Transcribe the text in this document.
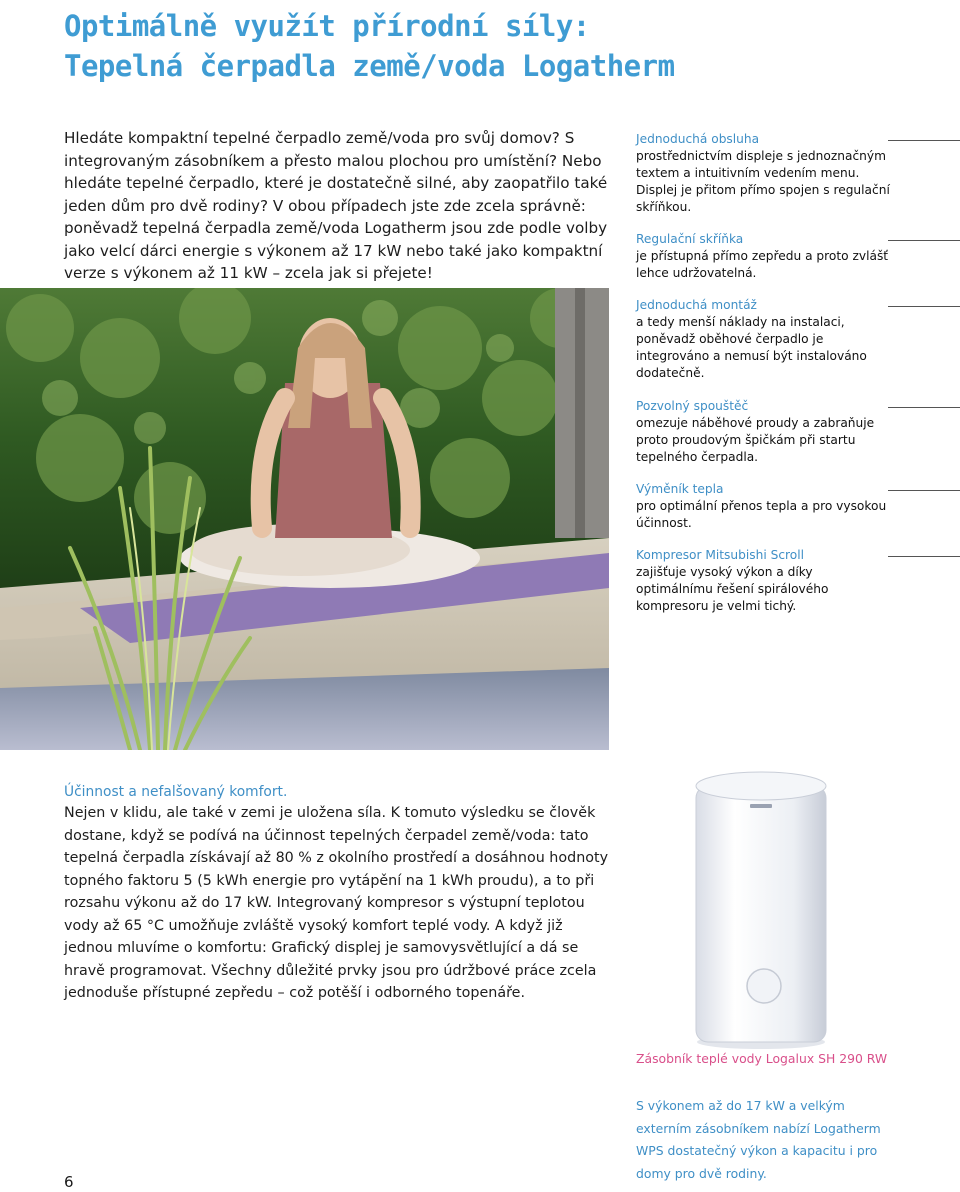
Optimálně využít přírodní síly:
Tepelná čerpadla země/voda Logatherm

Hledáte kompaktní tepelné čerpadlo země/voda pro svůj domov? S integrovaným zásobníkem a přesto malou plochou pro umístění? Nebo hledáte tepelné čerpadlo, které je dostatečně silné, aby zaopatřilo také jeden dům pro dvě rodiny? V obou případech jste zde zcela správně: poněvadž tepelná čerpadla země/voda Logatherm jsou zde podle volby jako velcí dárci energie s výkonem až 17 kW nebo také jako kompaktní verze s výkonem až 11 kW – zcela jak si přejete!

Jednoduchá obsluha
prostřednictvím displeje s jednoznačným textem a intuitivním vedením menu. Displej je přitom přímo spojen s regulační skříňkou.
Regulační skříňka
je přístupná přímo zepředu a proto zvlášť lehce udržovatelná.
Jednoduchá montáž
a tedy menší náklady na instalaci, poněvadž oběhové čerpadlo je integrováno a nemusí být instalováno dodatečně.
Pozvolný spouštěč
omezuje náběhové proudy a zabraňuje proto proudovým špičkám při startu tepelného čerpadla.
Výměník tepla
pro optimální přenos tepla a pro vysokou účinnost.
Kompresor Mitsubishi Scroll
zajišťuje vysoký výkon a díky optimálnímu řešení spirálového kompresoru je velmi tichý.

Účinnost a nefalšovaný komfort.

Nejen v klidu, ale také v zemi je uložena síla. K tomuto výsledku se člověk dostane, když se podívá na účinnost tepelných čerpadel země/voda: tato tepelná čerpadla získávají až 80 % z okolního prostředí a dosáhnou hodnoty topného faktoru 5 (5 kWh energie pro vytápění na 1 kWh proudu), a to při rozsahu výkonu až do 17 kW. Integrovaný kompresor s výstupní teplotou vody až 65 °C umožňuje zvláště vysoký komfort teplé vody. A když již jednou mluvíme o komfortu: Grafický displej je samovysvětlující a dá se hravě programovat. Všechny důležité prvky jsou pro údržbové práce zcela jednoduše přístupné zepředu – což potěší i odborného topenáře.

Zásobník teplé vody Logalux SH 290 RW
S výkonem až do 17 kW a velkým externím zásobníkem nabízí Logatherm WPS dostatečný výkon a kapacitu i pro domy pro dvě rodiny.
6
